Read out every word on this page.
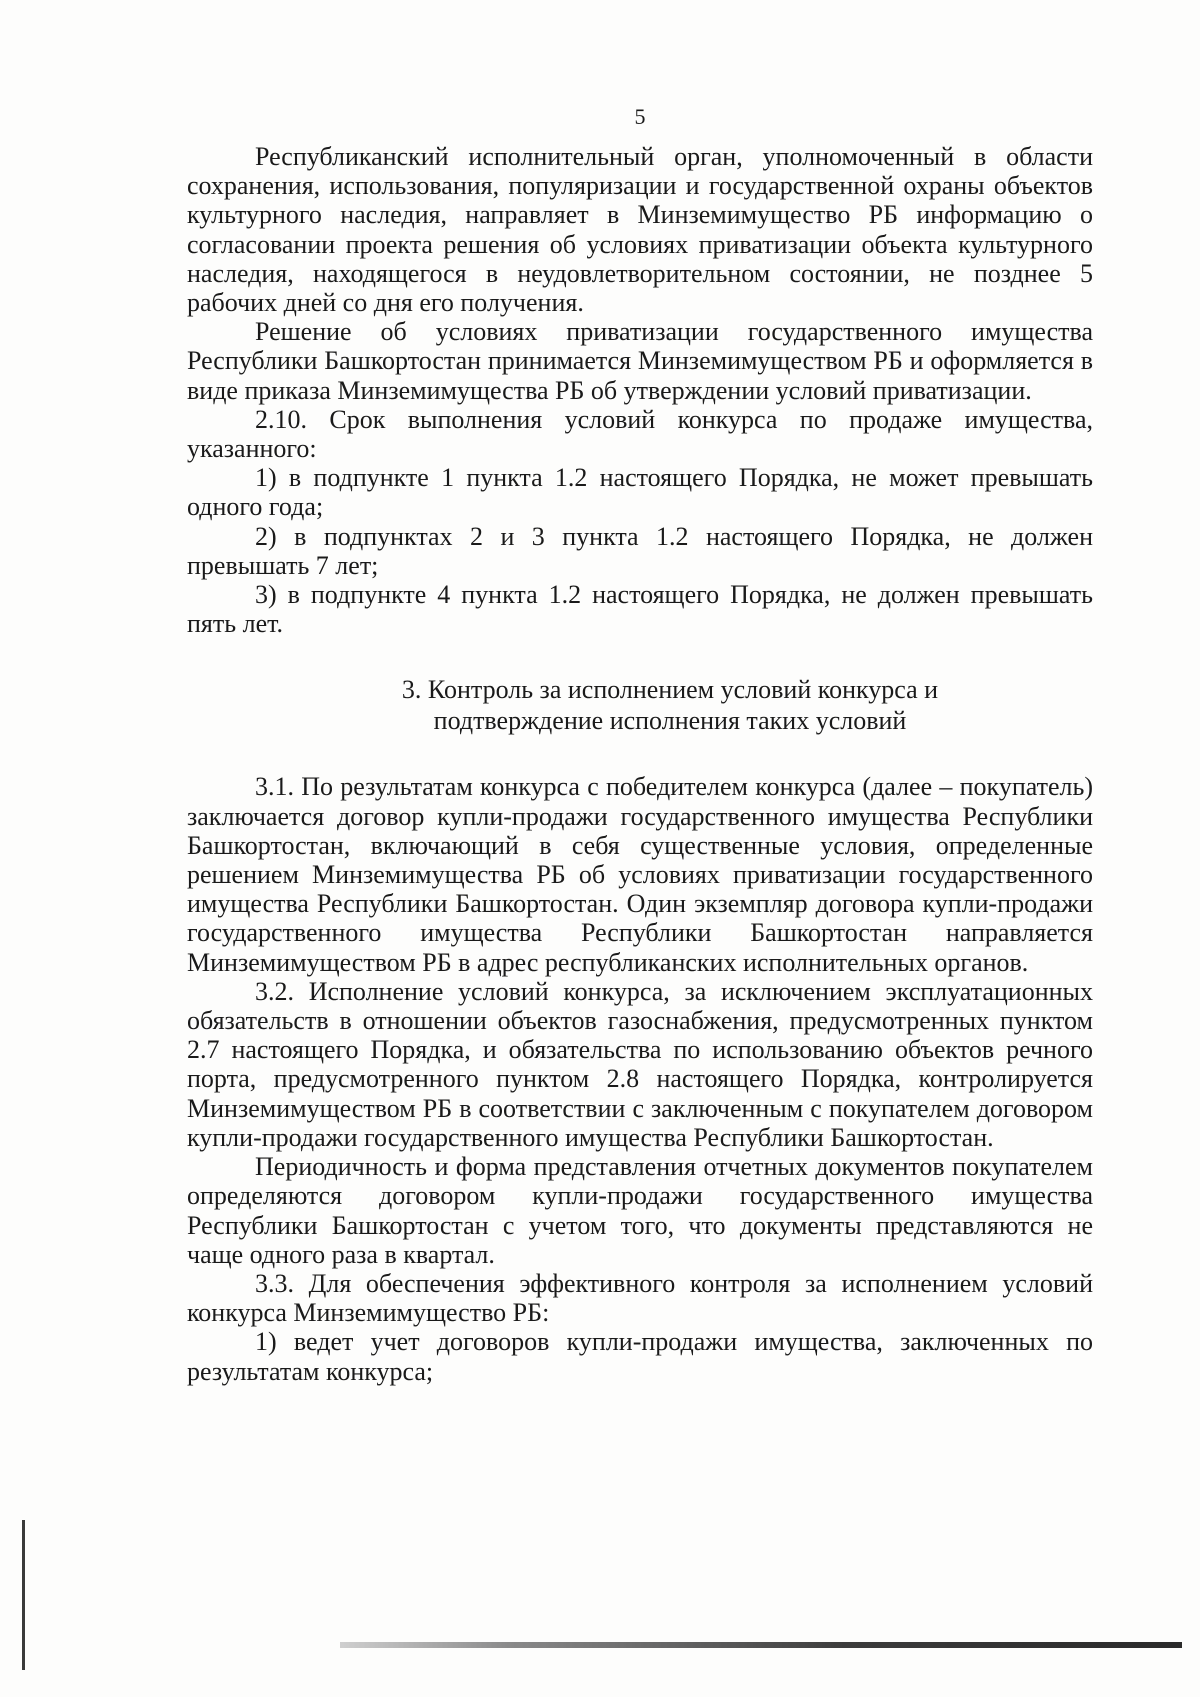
5

Республиканский исполнительный орган, уполномоченный в области сохранения, использования, популяризации и государственной охраны объектов культурного наследия, направляет в Минземимущество РБ информацию о согласовании проекта решения об условиях приватизации объекта культурного наследия, находящегося в неудовлетворительном состоянии, не позднее 5 рабочих дней со дня его получения.

Решение об условиях приватизации государственного имущества Республики Башкортостан принимается Минземимуществом РБ и оформляется в виде приказа Минземимущества РБ об утверждении условий приватизации.

2.10. Срок выполнения условий конкурса по продаже имущества, указанного:

1) в подпункте 1 пункта 1.2 настоящего Порядка, не может превышать одного года;

2) в подпунктах 2 и 3 пункта 1.2 настоящего Порядка, не должен превышать 7 лет;

3) в подпункте 4 пункта 1.2 настоящего Порядка, не должен превышать пять лет.

3. Контроль за исполнением условий конкурса и
подтверждение исполнения таких условий

3.1. По результатам конкурса с победителем конкурса (далее – покупатель) заключается договор купли-продажи государственного имущества Республики Башкортостан, включающий в себя существенные условия, определенные решением Минземимущества РБ об условиях приватизации государственного имущества Республики Башкортостан. Один экземпляр договора купли-продажи государственного имущества Республики Башкортостан направляется Минземимуществом РБ в адрес республиканских исполнительных органов.

3.2. Исполнение условий конкурса, за исключением эксплуатационных обязательств в отношении объектов газоснабжения, предусмотренных пунктом 2.7 настоящего Порядка, и обязательства по использованию объектов речного порта, предусмотренного пунктом 2.8 настоящего Порядка, контролируется Минземимуществом РБ в соответствии с заключенным с покупателем договором купли-продажи государственного имущества Республики Башкортостан.

Периодичность и форма представления отчетных документов покупателем определяются договором купли-продажи государственного имущества Республики Башкортостан с учетом того, что документы представляются не чаще одного раза в квартал.

3.3. Для обеспечения эффективного контроля за исполнением условий конкурса Минземимущество РБ:

1) ведет учет договоров купли-продажи имущества, заключенных по результатам конкурса;
